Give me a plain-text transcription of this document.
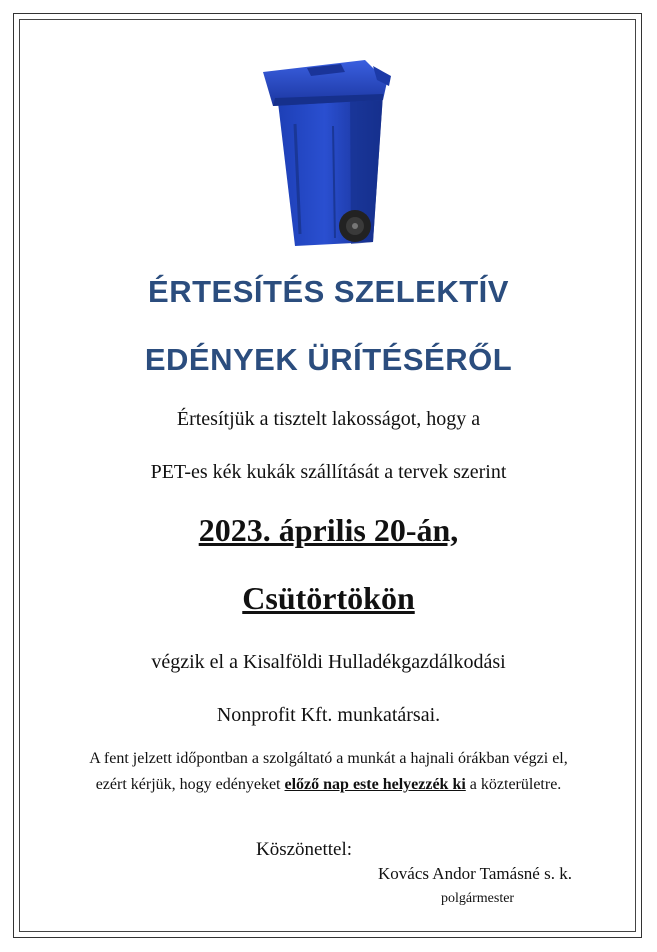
ÉRTESÍTÉS SZELEKTÍV
EDÉNYEK ÜRÍTÉSÉRŐL
Értesítjük a tisztelt lakosságot, hogy a
PET-es kék kukák szállítását a tervek szerint
2023. április 20-án,
Csütörtökön
végzik el a Kisalföldi Hulladékgazdálkodási
Nonprofit Kft. munkatársai.
A fent jelzett időpontban a szolgáltató a munkát a hajnali órákban végzi el,
ezért kérjük, hogy edényeket előző nap este helyezzék ki a közterületre.
Köszönettel:
Kovács Andor Tamásné s. k.
polgármester
